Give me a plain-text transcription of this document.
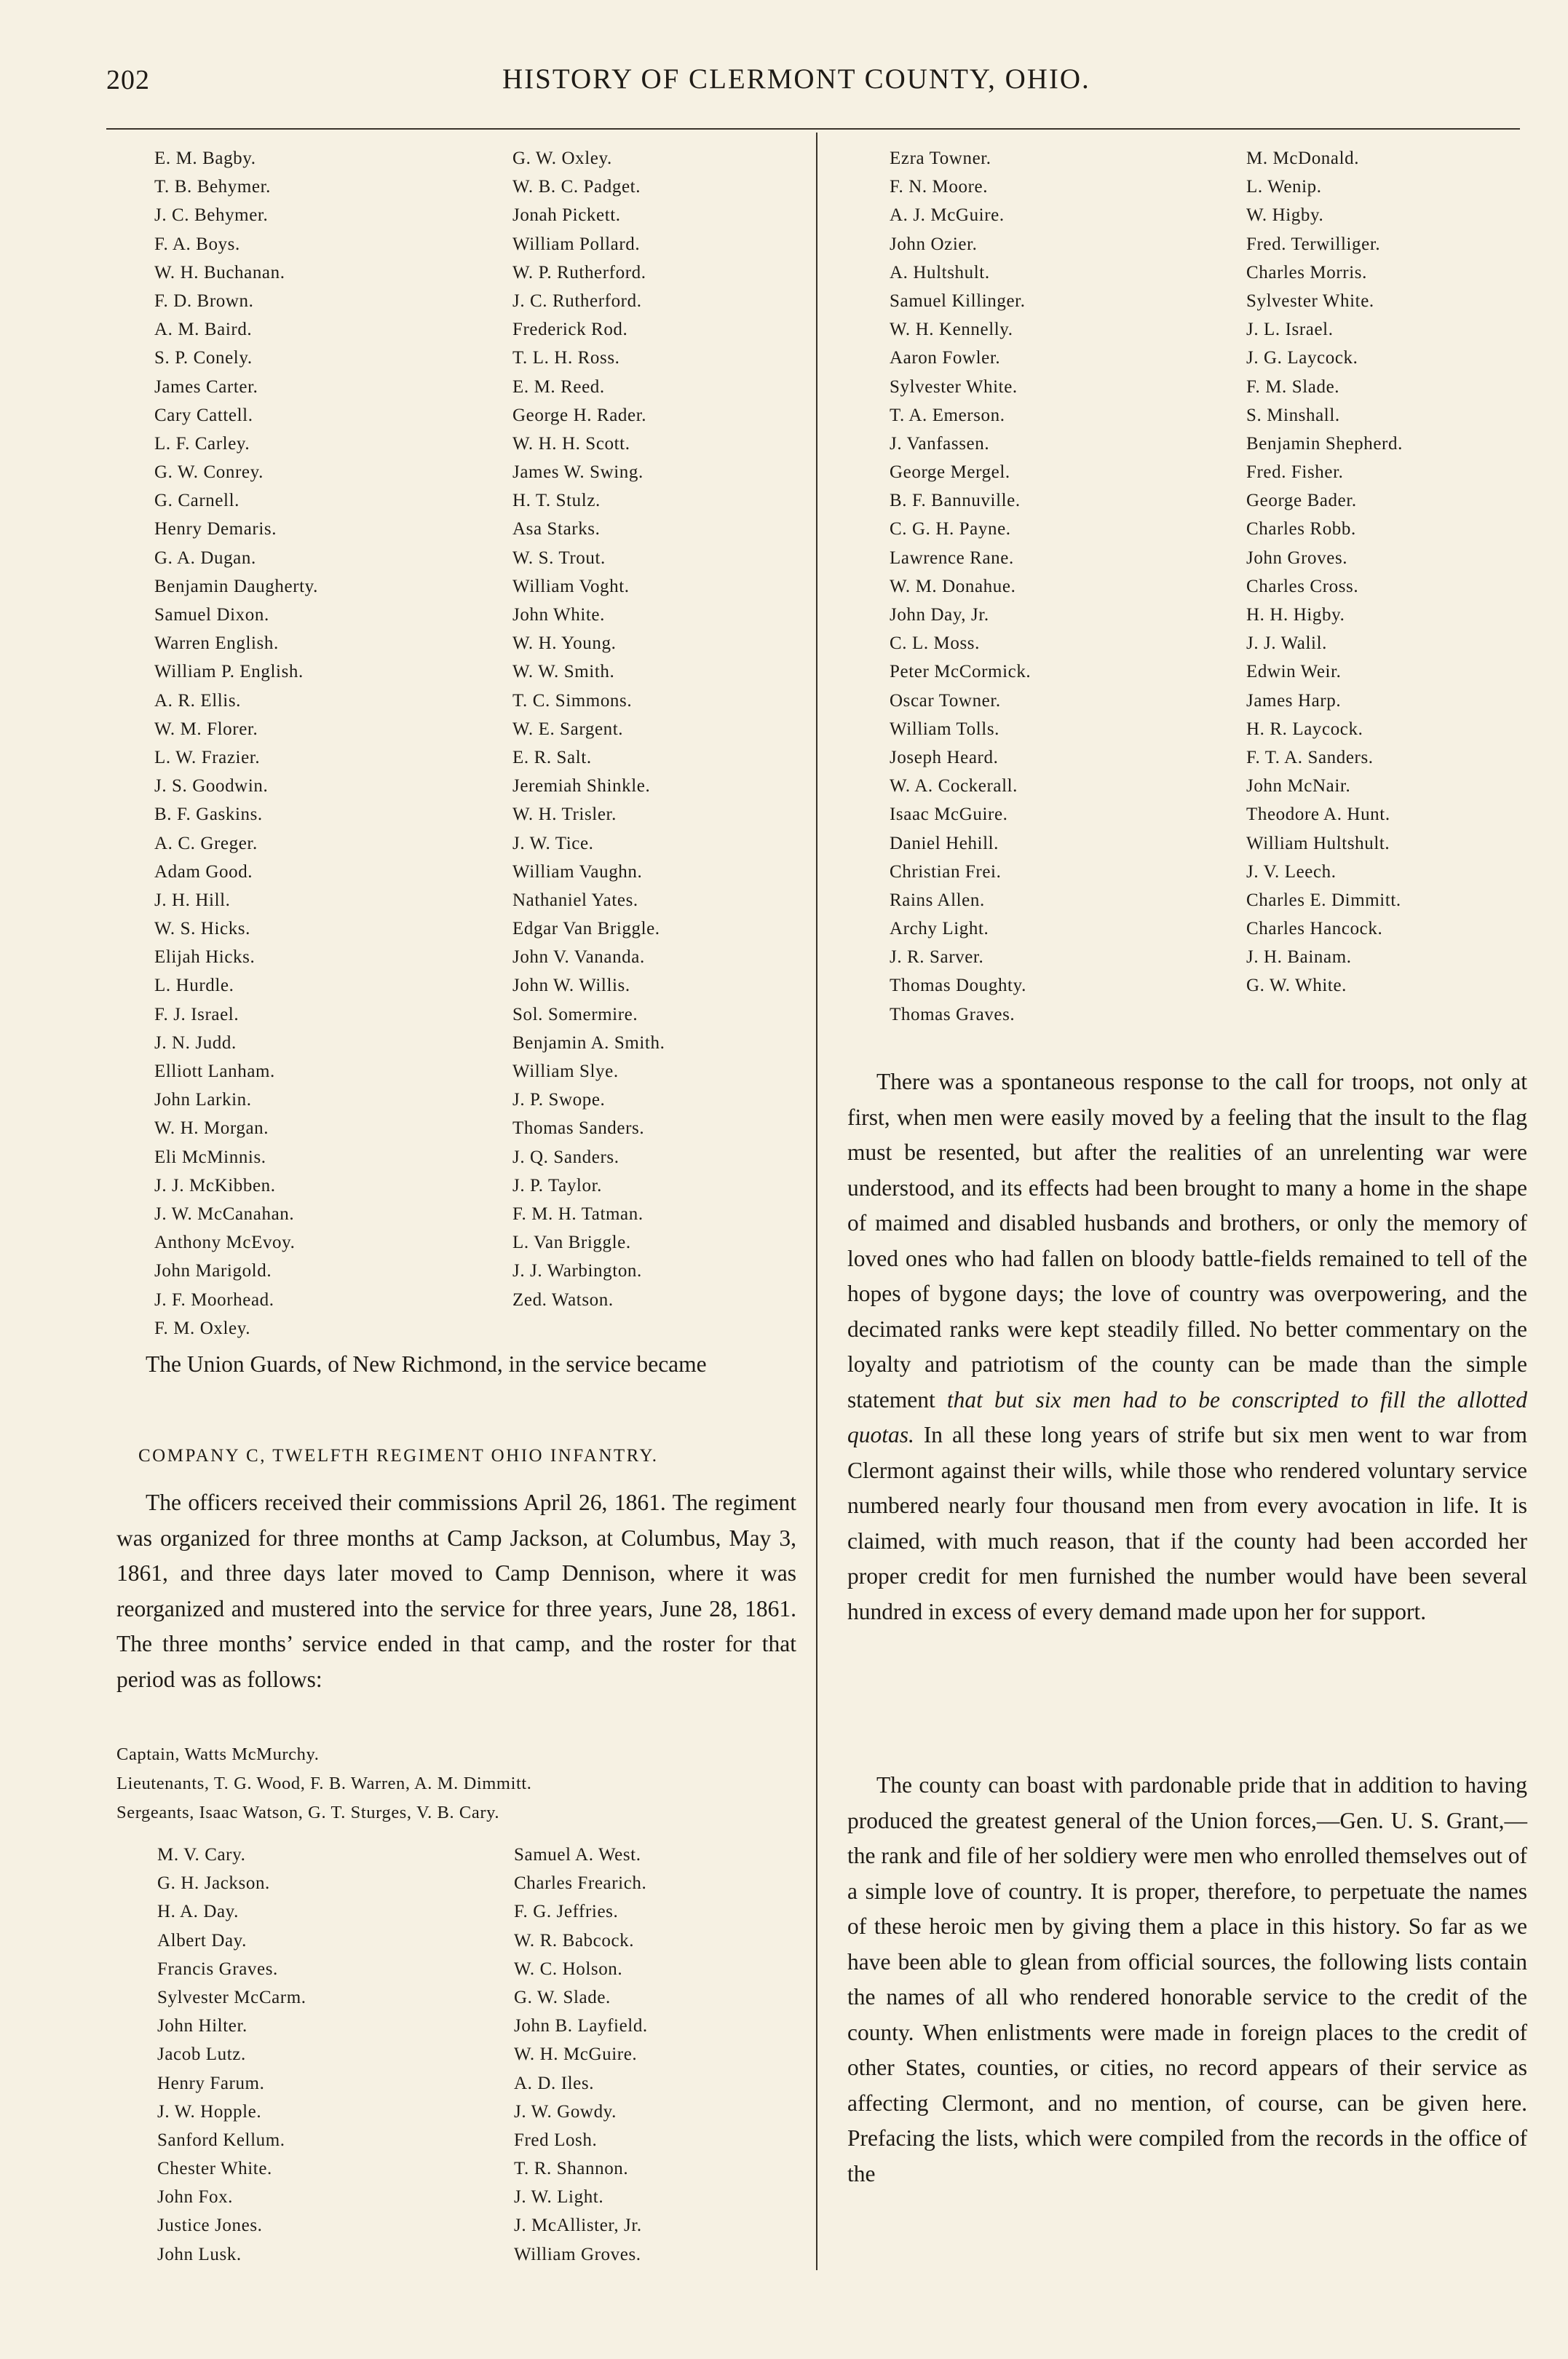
202	HISTORY OF CLERMONT COUNTY, OHIO.
E. M. Bagby.
T. B. Behymer.
J. C. Behymer.
F. A. Boys.
W. H. Buchanan.
F. D. Brown.
A. M. Baird.
S. P. Conely.
James Carter.
Cary Cattell.
L. F. Carley.
G. W. Conrey.
G. Carnell.
Henry Demaris.
G. A. Dugan.
Benjamin Daugherty.
Samuel Dixon.
Warren English.
William P. English.
A. R. Ellis.
W. M. Florer.
L. W. Frazier.
J. S. Goodwin.
B. F. Gaskins.
A. C. Greger.
Adam Good.
J. H. Hill.
W. S. Hicks.
Elijah Hicks.
L. Hurdle.
F. J. Israel.
J. N. Judd.
Elliott Lanham.
John Larkin.
W. H. Morgan.
Eli McMinnis.
J. J. McKibben.
J. W. McCanahan.
Anthony McEvoy.
John Marigold.
J. F. Moorhead.
F. M. Oxley.
G. W. Oxley.
W. B. C. Padget.
Jonah Pickett.
William Pollard.
W. P. Rutherford.
J. C. Rutherford.
Frederick Rod.
T. L. H. Ross.
E. M. Reed.
George H. Rader.
W. H. H. Scott.
James W. Swing.
H. T. Stulz.
Asa Starks.
W. S. Trout.
William Voght.
John White.
W. H. Young.
W. W. Smith.
T. C. Simmons.
W. E. Sargent.
E. R. Salt.
Jeremiah Shinkle.
W. H. Trisler.
J. W. Tice.
William Vaughn.
Nathaniel Yates.
Edgar Van Briggle.
John V. Vananda.
John W. Willis.
Sol. Somermire.
Benjamin A. Smith.
William Slye.
J. P. Swope.
Thomas Sanders.
J. Q. Sanders.
J. P. Taylor.
F. M. H. Tatman.
L. Van Briggle.
J. J. Warbington.
Zed. Watson.

The Union Guards, of New Richmond, in the service became

COMPANY C, TWELFTH REGIMENT OHIO INFANTRY.

The officers received their commissions April 26, 1861. The regiment was organized for three months at Camp Jackson, at Columbus, May 3, 1861, and three days later moved to Camp Dennison, where it was reorganized and mustered into the service for three years, June 28, 1861. The three months’ service ended in that camp, and the roster for that period was as follows:

Captain, Watts McMurchy.

Lieutenants, T. G. Wood, F. B. Warren, A. M. Dimmitt.

Sergeants, Isaac Watson, G. T. Sturges, V. B. Cary.

M. V. Cary.
G. H. Jackson.
H. A. Day.
Albert Day.
Francis Graves.
Sylvester McCarm.
John Hilter.
Jacob Lutz.
Henry Farum.
J. W. Hopple.
Sanford Kellum.
Chester White.
John Fox.
Justice Jones.
John Lusk.
Samuel A. West.
Charles Frearich.
F. G. Jeffries.
W. R. Babcock.
W. C. Holson.
G. W. Slade.
John B. Layfield.
W. H. McGuire.
A. D. Iles.
J. W. Gowdy.
Fred Losh.
T. R. Shannon.
J. W. Light.
J. McAllister, Jr.
William Groves.
Ezra Towner.
F. N. Moore.
A. J. McGuire.
John Ozier.
A. Hultshult.
Samuel Killinger.
W. H. Kennelly.
Aaron Fowler.
Sylvester White.
T. A. Emerson.
J. Vanfassen.
George Mergel.
B. F. Bannuville.
C. G. H. Payne.
Lawrence Rane.
W. M. Donahue.
John Day, Jr.
C. L. Moss.
Peter McCormick.
Oscar Towner.
William Tolls.
Joseph Heard.
W. A. Cockerall.
Isaac McGuire.
Daniel Hehill.
Christian Frei.
Rains Allen.
Archy Light.
J. R. Sarver.
Thomas Doughty.
Thomas Graves.
M. McDonald.
L. Wenip.
W. Higby.
Fred. Terwilliger.
Charles Morris.
Sylvester White.
J. L. Israel.
J. G. Laycock.
F. M. Slade.
S. Minshall.
Benjamin Shepherd.
Fred. Fisher.
George Bader.
Charles Robb.
John Groves.
Charles Cross.
H. H. Higby.
J. J. Walil.
Edwin Weir.
James Harp.
H. R. Laycock.
F. T. A. Sanders.
John McNair.
Theodore A. Hunt.
William Hultshult.
J. V. Leech.
Charles E. Dimmitt.
Charles Hancock.
J. H. Bainam.
G. W. White.

There was a spontaneous response to the call for troops, not only at first, when men were easily moved by a feeling that the insult to the flag must be resented, but after the realities of an unrelenting war were understood, and its effects had been brought to many a home in the shape of maimed and disabled husbands and brothers, or only the memory of loved ones who had fallen on bloody battle-fields remained to tell of the hopes of bygone days; the love of country was overpowering, and the decimated ranks were kept steadily filled. No better commentary on the loyalty and patriotism of the county can be made than the simple statement that but six men had to be conscripted to fill the allotted quotas. In all these long years of strife but six men went to war from Clermont against their wills, while those who rendered voluntary service numbered nearly four thousand men from every avocation in life. It is claimed, with much reason, that if the county had been accorded her proper credit for men furnished the number would have been several hundred in excess of every demand made upon her for support.

The county can boast with pardonable pride that in addition to having produced the greatest general of the Union forces,—Gen. U. S. Grant,—the rank and file of her soldiery were men who enrolled themselves out of a simple love of country. It is proper, therefore, to perpetuate the names of these heroic men by giving them a place in this history. So far as we have been able to glean from official sources, the following lists contain the names of all who rendered honorable service to the credit of the county. When enlistments were made in foreign places to the credit of other States, counties, or cities, no record appears of their service as affecting Clermont, and no mention, of course, can be given here. Prefacing the lists, which were compiled from the records in the office of the
